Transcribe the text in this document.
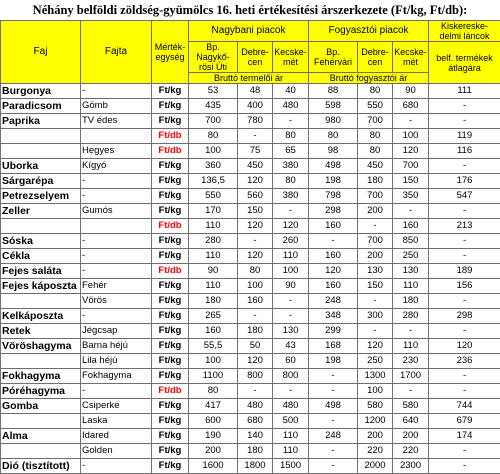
Néhány belföldi zöldség-gyümölcs 16. heti értékesítési árszerkezete (Ft/kg, Ft/db):
Faj	Fajta	Mérték-egység	Nagybani piacok			Fogyasztói piacok			Kiskereske-
delmi láncok
			Bp. Nagykő-rösi Úti	Debre-cen	Kecske-mét	Bp. Fehérvári	Debre-cen	Kecske-mét	belf. termékek átlagára
			Bruttó termelői ár			Bruttó fogyasztói ár			
Burgonya	-	Ft/kg	53	48	40	88	80	90	111
Paradicsom	Gömb	Ft/kg	435	400	480	598	550	680	-
Paprika	TV édes	Ft/kg	700	780	-	980	700	-	-
		Ft/db	80	-	80	80	80	100	119
	Hegyes	Ft/db	100	75	65	98	80	120	116
Uborka	Kígyó	Ft/kg	360	450	380	498	450	700	-
Sárgarépa	-	Ft/kg	136,5	120	80	198	180	150	176
Petrezselyem	-	Ft/kg	550	560	380	798	700	350	547
Zeller	Gumós	Ft/kg	170	150	-	298	200	-	-
		Ft/db	110	120	120	160	-	160	213
Sóska	-	Ft/kg	280	-	260	-	700	850	-
Cékla	-	Ft/kg	110	120	110	160	200	250	-
Fejes saláta	-	Ft/db	90	80	100	120	130	130	189
Fejes káposzta	Fehér	Ft/kg	110	100	90	160	150	110	156
	Vörös	Ft/kg	180	160	-	248	-	180	-
Kelkáposzta	-	Ft/kg	265	-	-	348	300	280	298
Retek	Jégcsap	Ft/kg	160	180	130	299	-	-	-
Vöröshagyma	Barna héjú	Ft/kg	55,5	50	43	168	120	110	120
	Lila héjú	Ft/kg	100	120	60	198	250	230	236
Fokhagyma	Fokhagyma	Ft/kg	1100	800	800	-	1300	1700	-
Póréhagyma	-	Ft/db	80	-	-	-	100	-	-
Gomba	Csiperke	Ft/kg	417	480	480	498	580	580	744
	Laska	Ft/kg	600	680	500	-	1200	640	679
Alma	Idared	Ft/kg	190	140	110	248	200	200	174
	Golden	Ft/kg	200	180	110	-	220	220	-
Dió (tisztított)	-	Ft/kg	1600	1800	1500	-	2000	2300	-
